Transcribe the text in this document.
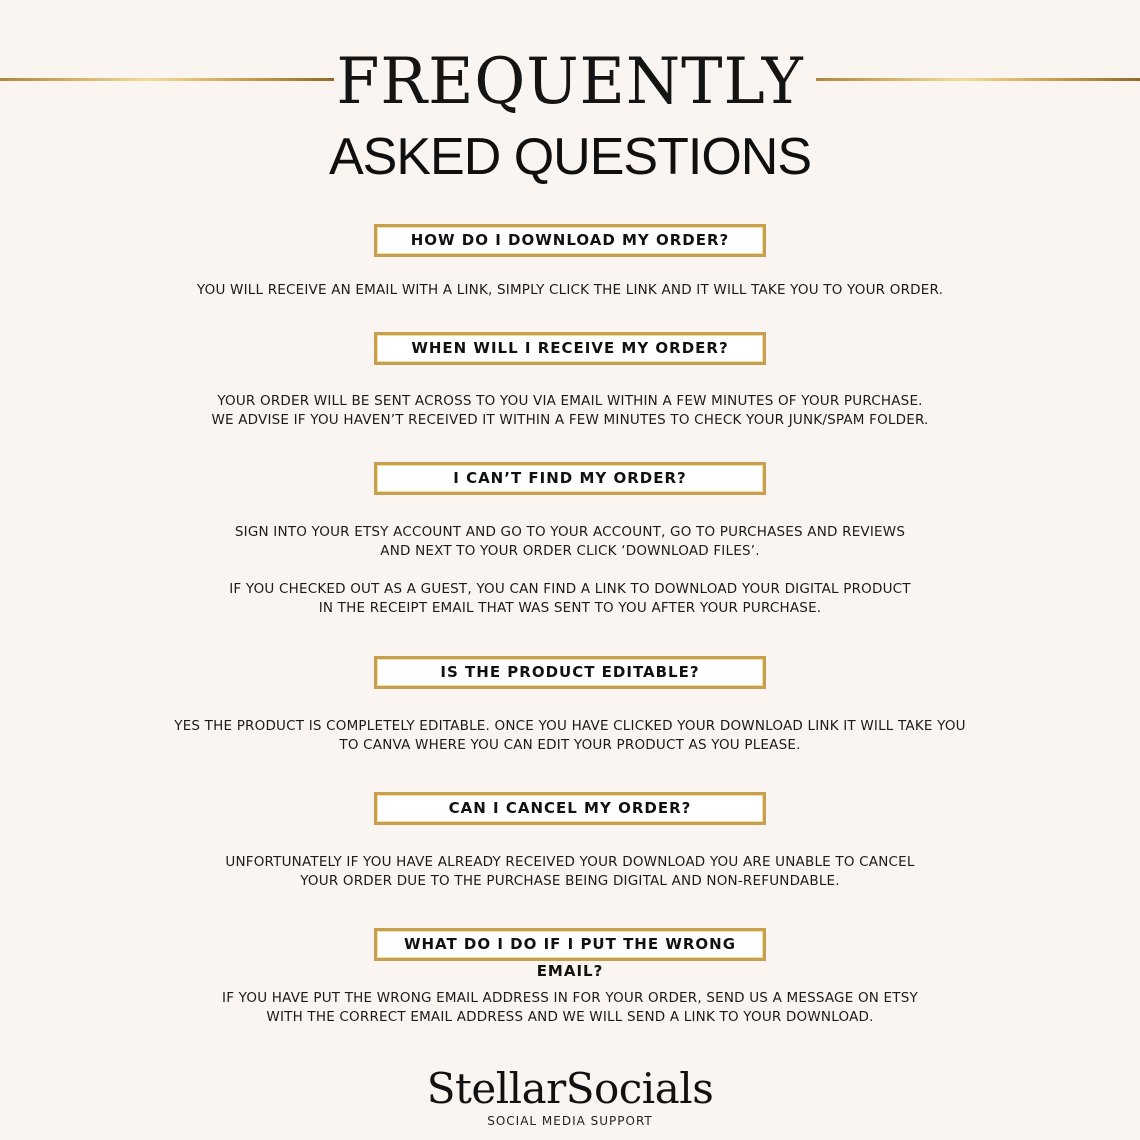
FREQUENTLY
ASKED QUESTIONS
HOW DO I DOWNLOAD MY ORDER?

YOU WILL RECEIVE AN EMAIL WITH A LINK, SIMPLY CLICK THE LINK AND IT WILL TAKE YOU TO YOUR ORDER.

WHEN WILL I RECEIVE MY ORDER?

YOUR ORDER WILL BE SENT ACROSS TO YOU VIA EMAIL WITHIN A FEW MINUTES OF YOUR PURCHASE. WE ADVISE IF YOU HAVEN’T RECEIVED IT WITHIN A FEW MINUTES TO CHECK YOUR JUNK/SPAM FOLDER.

I CAN’T FIND MY ORDER?

SIGN INTO YOUR ETSY ACCOUNT AND GO TO YOUR ACCOUNT, GO TO PURCHASES AND REVIEWS AND NEXT TO YOUR ORDER CLICK ‘DOWNLOAD FILES’.

IF YOU CHECKED OUT AS A GUEST, YOU CAN FIND A LINK TO DOWNLOAD YOUR DIGITAL PRODUCT IN THE RECEIPT EMAIL THAT WAS SENT TO YOU AFTER YOUR PURCHASE.

IS THE PRODUCT EDITABLE?

YES THE PRODUCT IS COMPLETELY EDITABLE. ONCE YOU HAVE CLICKED YOUR DOWNLOAD LINK IT WILL TAKE YOU TO CANVA WHERE YOU CAN EDIT YOUR PRODUCT AS YOU PLEASE.

CAN I CANCEL MY ORDER?

UNFORTUNATELY IF YOU HAVE ALREADY RECEIVED YOUR DOWNLOAD YOU ARE UNABLE TO CANCEL YOUR ORDER DUE TO THE PURCHASE BEING DIGITAL AND NON-REFUNDABLE.

WHAT DO I DO IF I PUT THE WRONG EMAIL?

IF YOU HAVE PUT THE WRONG EMAIL ADDRESS IN FOR YOUR ORDER, SEND US A MESSAGE ON ETSY WITH THE CORRECT EMAIL ADDRESS AND WE WILL SEND A LINK TO YOUR DOWNLOAD.

StellarSocials
SOCIAL MEDIA SUPPORT
